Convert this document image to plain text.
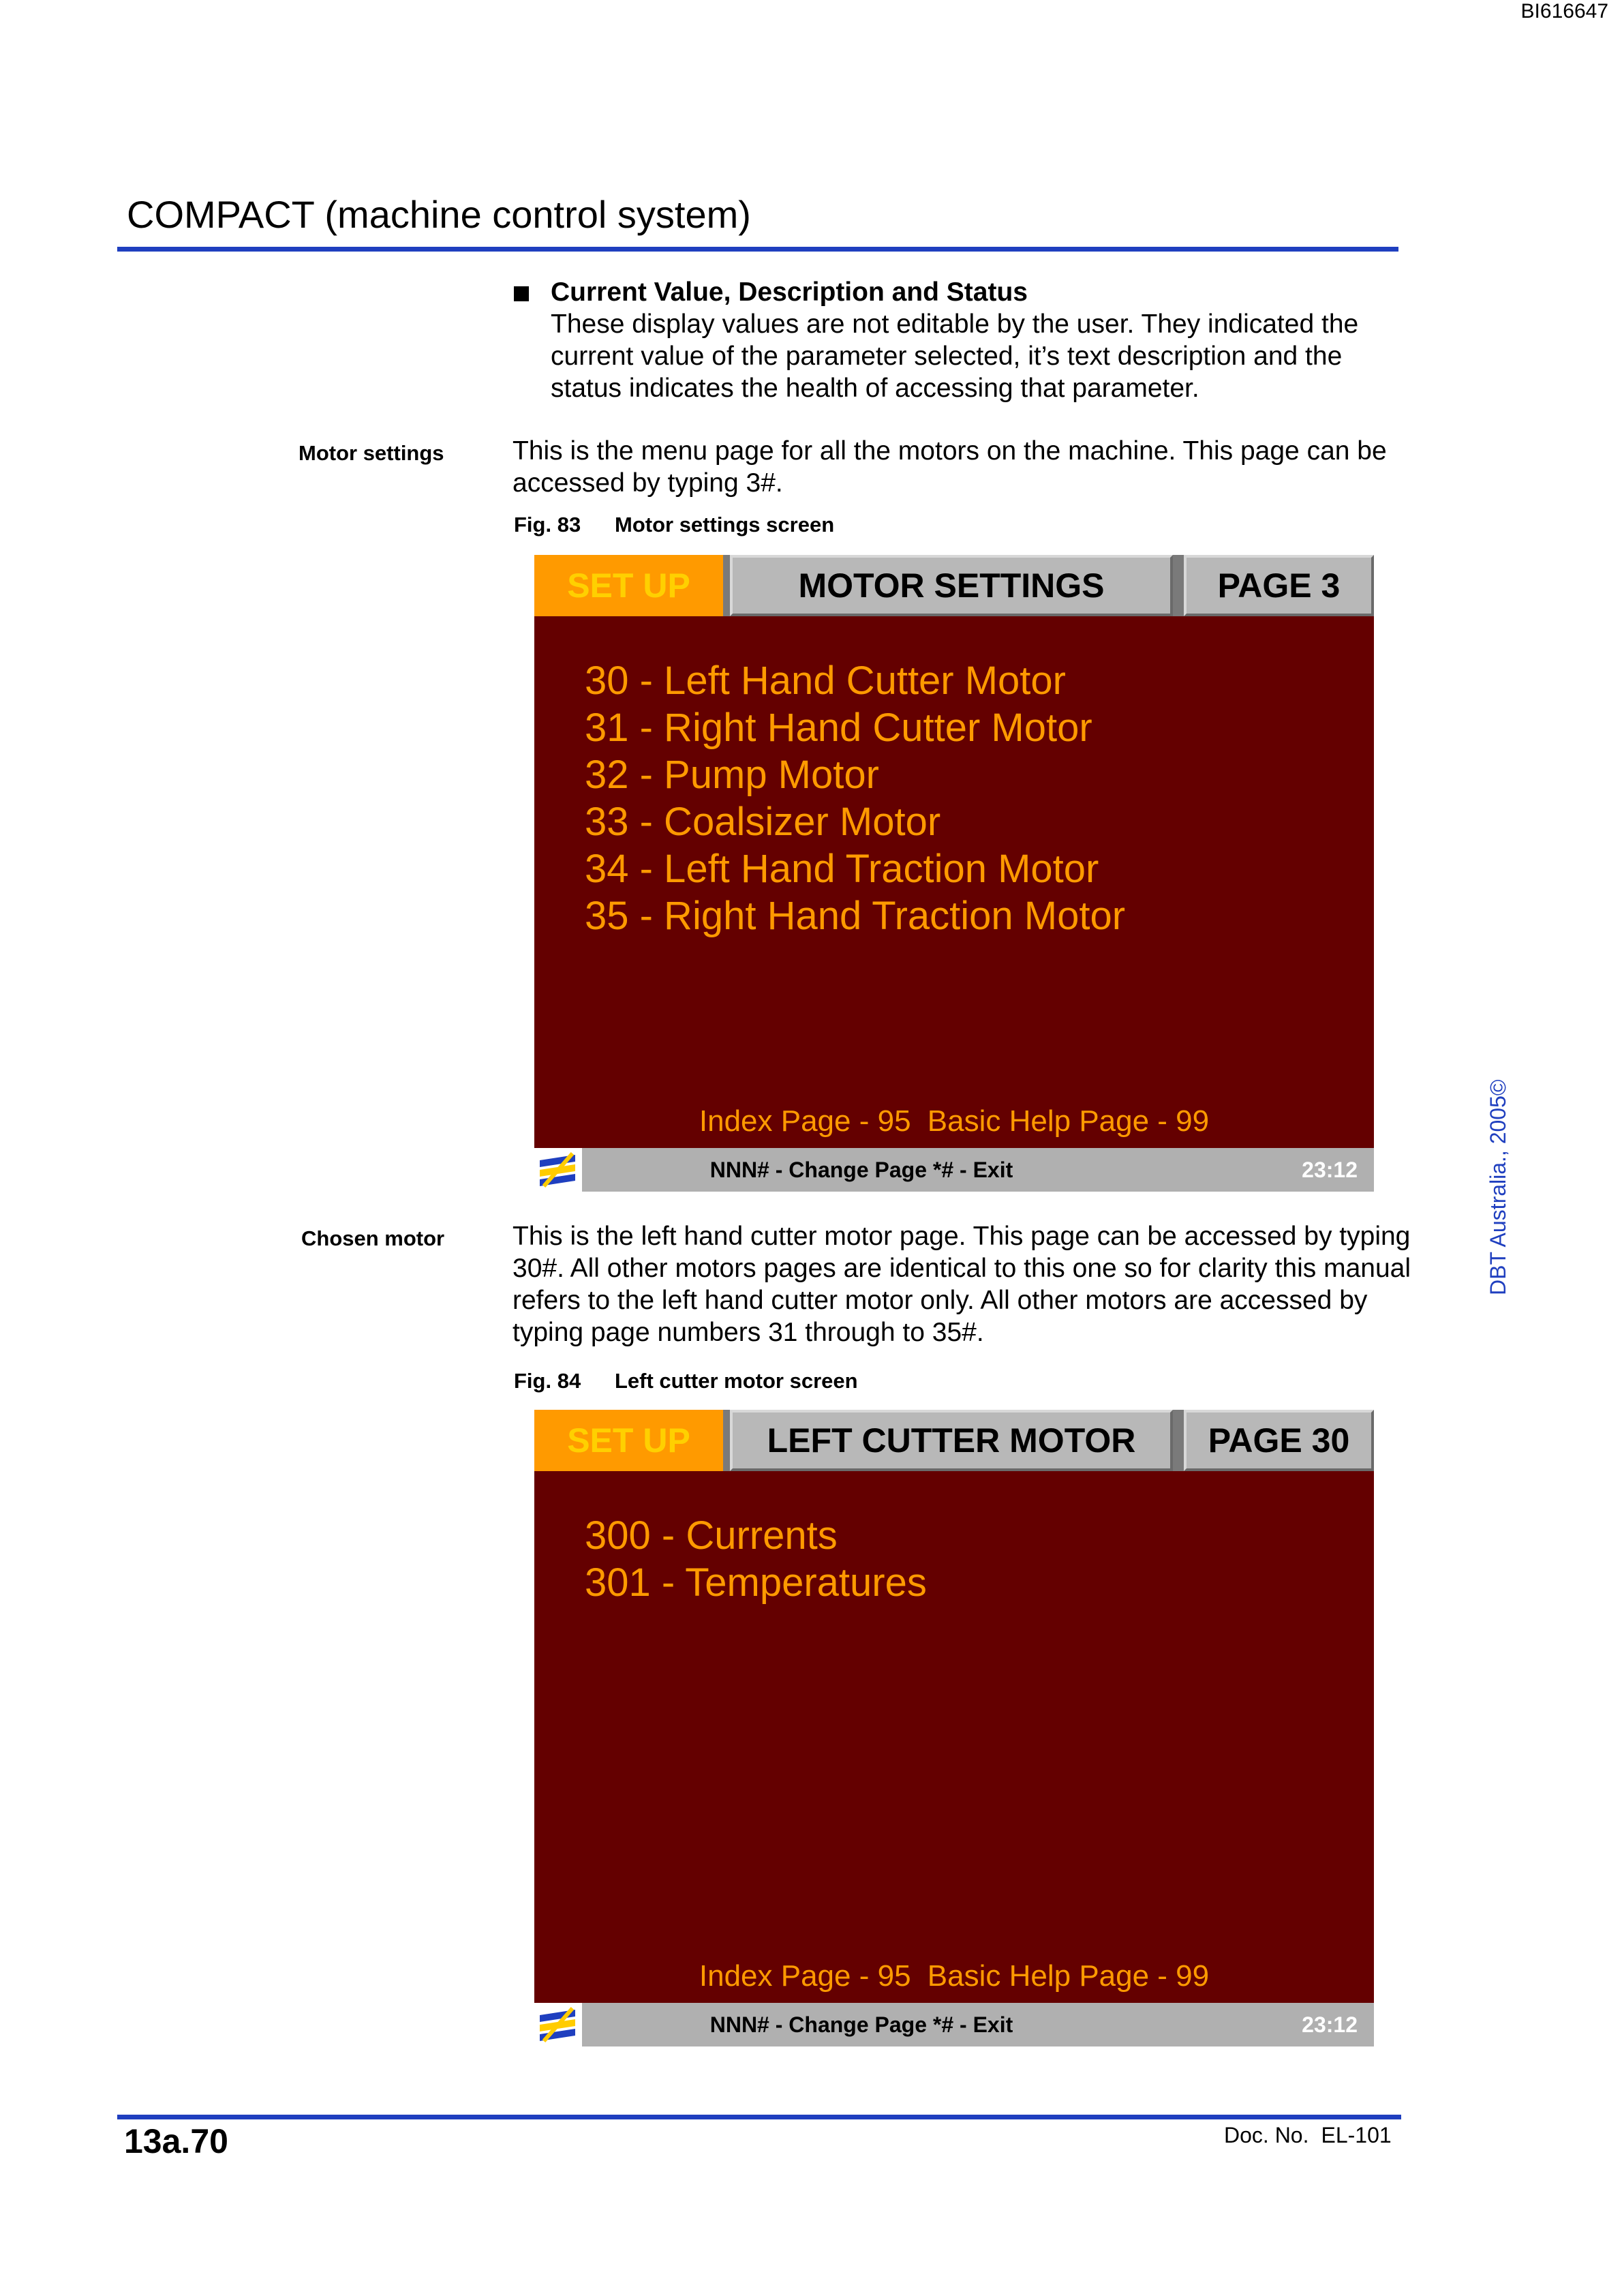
BI616647
COMPACT (machine control system)
Current Value, Description and Status
These display values are not editable by the user. They indicated the current value of the parameter selected, it’s text description and the status indicates the health of accessing that parameter.
Motor settings	This is the menu page for all the motors on the machine. This page can be accessed by typing 3#.
Fig. 83 Motor settings screen
SET UP	MOTOR SETTINGS	PAGE 3
30 - Left Hand Cutter Motor
31 - Right Hand Cutter Motor
32 - Pump Motor
33 - Coalsizer Motor
34 - Left Hand Traction Motor
35 - Right Hand Traction Motor
Index Page - 95 Basic Help Page - 99
NNN# - Change Page *# - Exit	23:12
Chosen motor	This is the left hand cutter motor page. This page can be accessed by typing 30#. All other motors pages are identical to this one so for clarity this manual refers to the left hand cutter motor only. All other motors are accessed by typing page numbers 31 through to 35#.
Fig. 84 Left cutter motor screen
SET UP	LEFT CUTTER MOTOR	PAGE 30
300 - Currents
301 - Temperatures
Index Page - 95 Basic Help Page - 99
NNN# - Change Page *# - Exit	23:12
DBT Australia., 2005©
13a.70	Doc. No. EL-101
